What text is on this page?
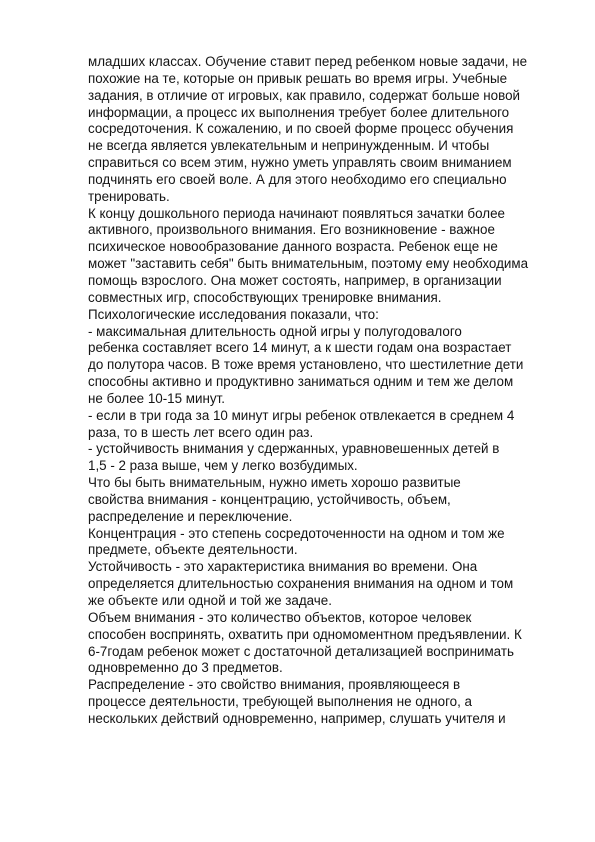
младших классах. Обучение ставит перед ребенком новые задачи, не
похожие на те, которые он привык решать во время игры. Учебные
задания, в отличие от игровых, как правило, содержат больше новой
информации, а процесс их выполнения требует более длительного
сосредоточения. К сожалению, и по своей форме процесс обучения
не всегда является увлекательным и непринужденным. И чтобы
справиться со всем этим, нужно уметь управлять своим вниманием
подчинять его своей воле. А для этого необходимо его специально
тренировать.
К концу дошкольного периода начинают появляться зачатки более
активного, произвольного внимания. Его возникновение - важное
психическое новообразование данного возраста. Ребенок еще не
может "заставить себя" быть внимательным, поэтому ему необходима
помощь взрослого. Она может состоять, например, в организации
совместных игр, способствующих тренировке внимания.
Психологические исследования показали, что:
- максимальная длительность одной игры у полугодовалого
ребенка составляет всего 14 минут, а к шести годам она возрастает
до полутора часов. В тоже время установлено, что шестилетние дети
способны активно и продуктивно заниматься одним и тем же делом
не более 10-15 минут.
- если в три года за 10 минут игры ребенок отвлекается в среднем 4
раза, то в шесть лет всего один раз.
- устойчивость внимания у сдержанных, уравновешенных детей в
1,5 - 2 раза выше, чем у легко возбудимых.
Что бы быть внимательным, нужно иметь хорошо развитые
свойства внимания - концентрацию, устойчивость, объем,
распределение и переключение.
Концентрация - это степень сосредоточенности на одном и том же
предмете, объекте деятельности.
Устойчивость - это характеристика внимания во времени. Она
определяется длительностью сохранения внимания на одном и том
же объекте или одной и той же задаче.
Объем внимания - это количество объектов, которое человек
способен воспринять, охватить при одномоментном предъявлении. К
6-7годам ребенок может с достаточной детализацией воспринимать
одновременно до 3 предметов.
Распределение - это свойство внимания, проявляющееся в
процессе деятельности, требующей выполнения не одного, а
нескольких действий одновременно, например, слушать учителя и
